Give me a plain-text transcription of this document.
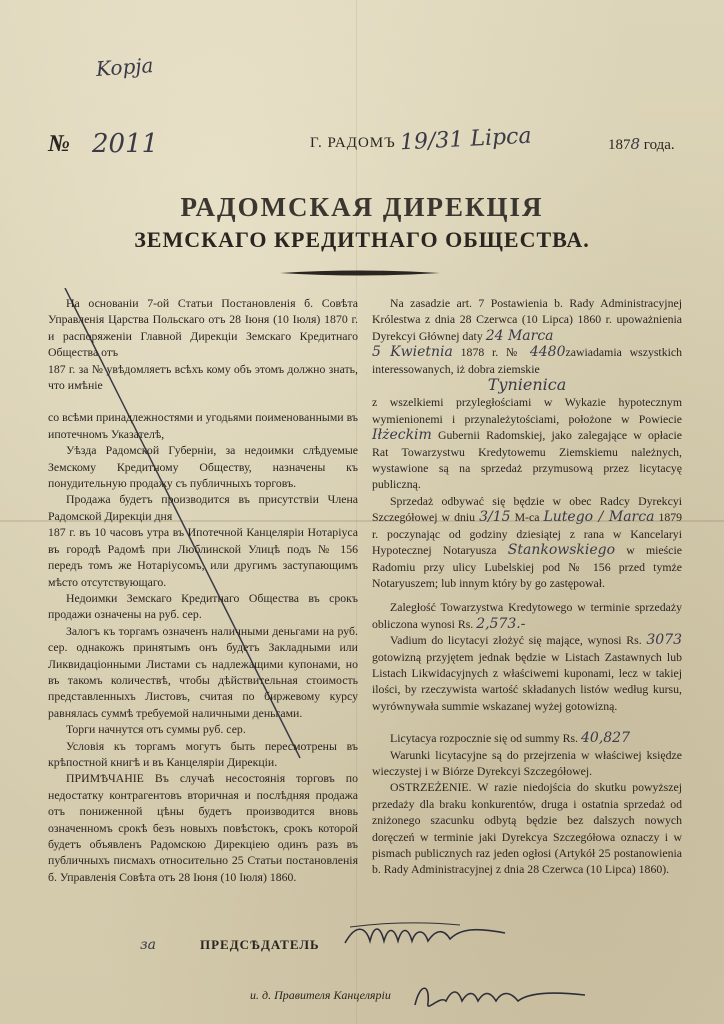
Kopja
№ 2011	Г. РАДОМЪ 19/31 Lipca	1878 года.
РАДОМСКАЯ ДИРЕКЦІЯ
ЗЕМСКАГО КРЕДИТНАГО ОБЩЕСТВА.

На основаніи 7-ой Статьи Постановленія б. Совѣта Управленія Царства Польскаго отъ 28 Іюня (10 Іюля) 1870 г. и распоряженіи Главной Дирекціи Земскаго Кредитнаго Общества отъ

187 г. за № увѣдомляетъ всѣхъ кому объ этомъ должно знать, что имѣніе

со всѣми принадлежностями и угодьями поименованными въ ипотечномъ Указателѣ,

Уѣзда Радомской Губерніи, за недоимки слѣдуемые Земскому Кредитному Обществу, назначены къ понудительную продажу съ публичныхъ торговъ.

Продажа будетъ производится въ присутствіи Члена Радомской Дирекціи дня

187 г. въ 10 часовъ утра въ Ипотечной Канцеляріи Нотаріуса въ городѣ Радомѣ при Люблинской Улицѣ подъ № 156 передъ томъ же Нотаріусомъ, или другимъ заступающимъ мѣсто отсутствующаго.

Недоимки Земскаго Кредитнаго Общества въ срокъ продажи означены на руб. сер.

Залогъ къ торгамъ означенъ наличными деньгами на руб. сер. однакожъ принятымъ онъ будетъ Закладными или Ликвидаціонными Листами съ надлежащими купонами, но въ такомъ количествѣ, чтобы дѣйствительная стоимость представленныхъ Листовъ, считая по биржевому курсу равнялась суммѣ требуемой наличными деньгами.

Торги начнутся отъ суммы руб. сер.

Условія къ торгамъ могутъ быть пересмотрены въ крѣпостной книгѣ и въ Канцеляріи Дирекціи.

ПРИМѢЧАНІЕ Въ случаѣ несостоянія торговъ по недостатку контрагентовъ вторичная и послѣдняя продажа отъ пониженной цѣны будетъ производится вновь означенномъ срокѣ безъ новыхъ повѣстокъ, срокъ которой будетъ объявленъ Радомскою Дирекціею одинъ разъ въ публичныхъ писмахъ относительно 25 Статьи постановленія б. Управленія Совѣта отъ 28 Іюня (10 Іюля) 1860.

Na zasadzie art. 7 Postawienia b. Rady Administracyjnej Królestwa z dnia 28 Czerwca (10 Lipca) 1860 r. upoważnienia Dyrekcyi Głównej daty 24 Marca

5 Kwietnia 1878 r. № 4480zawiadamia wszystkich interessowanych, iż dobra ziemskie

Tynienica

z wszelkiemi przyległościami w Wykazie hypotecznym wymienionemi i przynależytościami, położone w Powiecie Iłżeckim Gubernii Radomskiej, jako zalegające w opłacie Rat Towarzystwu Kredytowemu Ziemskiemu należnych, wystawione są na sprzedaż przymusową przez licytacyę publiczną.

Sprzedaż odbywać się będzie w obec Radcy Dyrekcyi Szczegółowej w dniu 3/15 M-ca Lutego / Marca 1879 r. poczynając od godziny dziesiątej z rana w Kancelaryi Hypotecznej Notaryusza Stankowskiego w mieście Radomiu przy ulicy Lubelskiej pod № 156 przed tymże Notaryuszem; lub innym który by go zastępował.

Zaległość Towarzystwa Kredytowego w terminie sprzedaży obliczona wynosi Rs. 2,573.-

Vadium do licytacyi złożyć się mające, wynosi Rs. 3073 gotowizną przyjętem jednak będzie w Listach Zastawnych lub Listach Likwidacyjnych z właściwemi kuponami, lecz w takiej ilości, by rzeczywista wartość składanych listów według kursu, wyrównywała summie wskazanej wyżej gotowizną.

Licytacya rozpocznie się od summy Rs. 40,827

Warunki licytacyjne są do przejrzenia w właściwej księdze wieczystej i w Biórze Dyrekcyi Szczegółowej.

OSTRZEŻENIE. W razie niedojścia do skutku powyższej przedaży dla braku konkurentów, druga i ostatnia sprzedaż od zniżonego szacunku odbytą będzie bez dalszych nowych doręczeń w terminie jaki Dyrekcya Szczegółowa oznaczy i w pismach publicznych raz jeden ogłosi (Artykół 25 postanowienia b. Rady Administracyjnej z dnia 28 Czerwca (10 Lipca) 1860).

за	ПРЕДСѢДАТЕЛЬ
и. д. Правителя Канцеляріи
